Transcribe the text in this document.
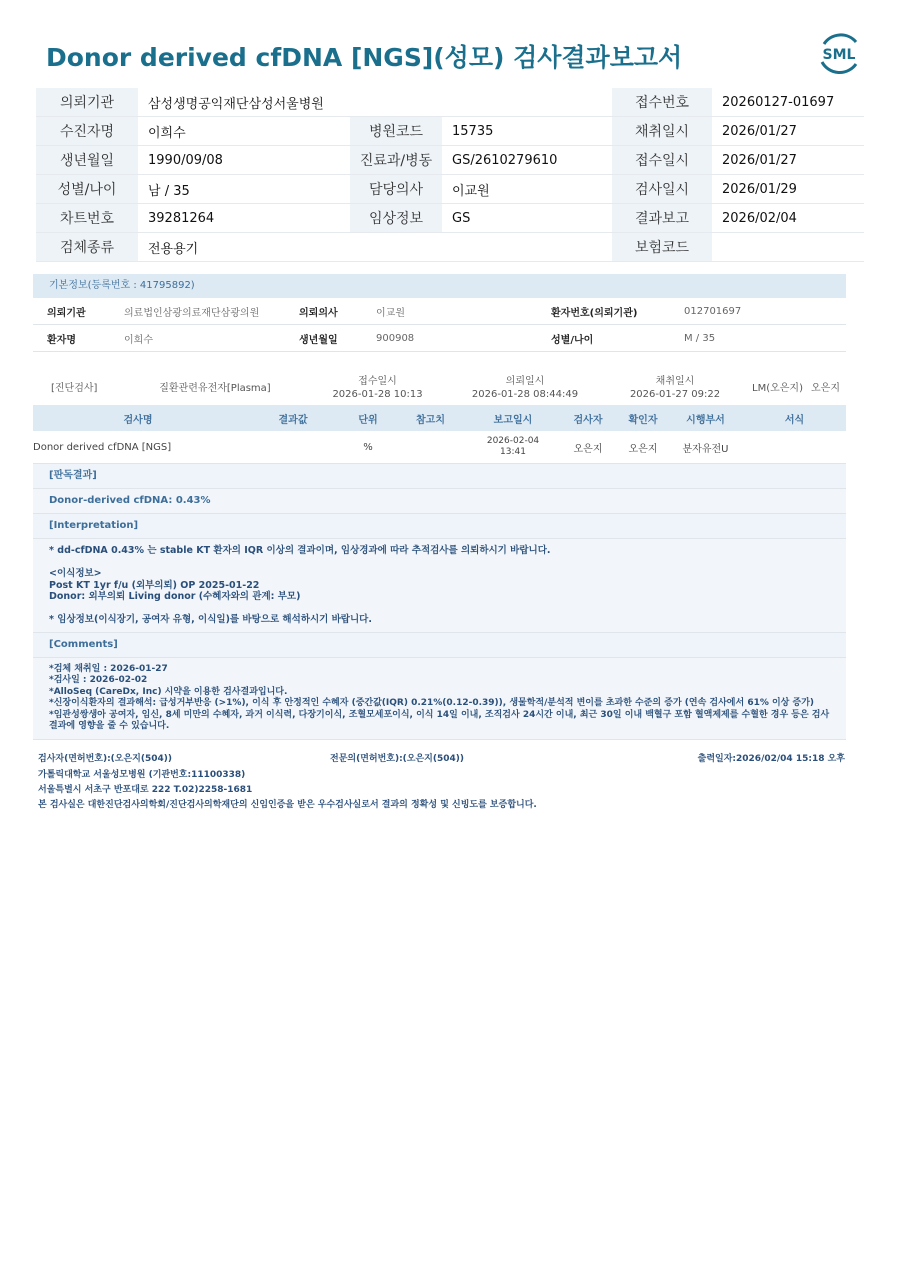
Donor derived cfDNA [NGS](성모) 검사결과보고서	SML
의뢰기관	삼성생명공익재단삼성서울병원			접수번호	20260127-01697
수진자명	이희수	병원코드	15735	채취일시	2026/01/27
생년월일	1990/09/08	진료과/병동	GS/2610279610	접수일시	2026/01/27
성별/나이	남 / 35	담당의사	이교원	검사일시	2026/01/29
차트번호	39281264	임상정보	GS	결과보고	2026/02/04
검체종류	전용용기			보험코드	
기본정보(등록번호 : 41795892)
의뢰기관	의료법인삼광의료재단삼광의원	의뢰의사	이교원	환자번호(의뢰기관)	012701697
환자명	이희수	생년월일	900908	성별/나이	M / 35
[진단검사]	질환관련유전자[Plasma]	
접수일시
2026-01-28 10:13

의뢰일시
2026-01-28 08:44:49

채취일시
2026-01-27 09:22
	LM(오은지)	오은지
검사명	결과값	단위	참고치	보고일시	검사자	확인자	시행부서	서식
Donor derived cfDNA [NGS]		%		2026-02-04
13:41	오은지	오은지	분자유전U	
[판독결과]
Donor-derived cfDNA: 0.43%
[Interpretation]
* dd-cfDNA 0.43% 는 stable KT 환자의 IQR 이상의 결과이며, 임상경과에 따라 추적검사를 의뢰하시기 바랍니다.
<이식정보>
Post KT 1yr f/u (외부의뢰) OP 2025-01-22
Donor: 외부의뢰 Living donor (수혜자와의 관계: 부모)
* 임상정보(이식장기, 공여자 유형, 이식일)를 바탕으로 해석하시기 바랍니다.
[Comments]
*검체 채취일 : 2026-01-27
*검사일 : 2026-02-02
*AlloSeq (CareDx, Inc) 시약을 이용한 검사결과입니다.
*신장이식환자의 결과해석: 급성거부반응 (>1%), 이식 후 안정적인 수혜자 (중간값(IQR) 0.21%(0.12-0.39)), 생물학적/분석적 변이를 초과한 수준의 증가 (연속 검사에서 61% 이상 증가)
*임관성쌍생아 공여자, 임신, 8세 미만의 수혜자, 과거 이식력, 다장기이식, 조혈모세포이식, 이식 14일 이내, 조직검사 24시간 이내, 최근 30일 이내 백혈구 포함 혈액제제를 수혈한 경우 등은 검사
결과에 영향을 줄 수 있습니다.
검사자(면허번호):(오은지(504))	전문의(면허번호):(오은지(504))	출력일자:2026/02/04 15:18 오후
가톨릭대학교 서울성모병원 (기관번호:11100338)
서울특별시 서초구 반포대로 222 T.02)2258-1681
본 검사실은 대한진단검사의학회/진단검사의학재단의 신임인증을 받은 우수검사실로서 결과의 정확성 및 신빙도를 보증합니다.
